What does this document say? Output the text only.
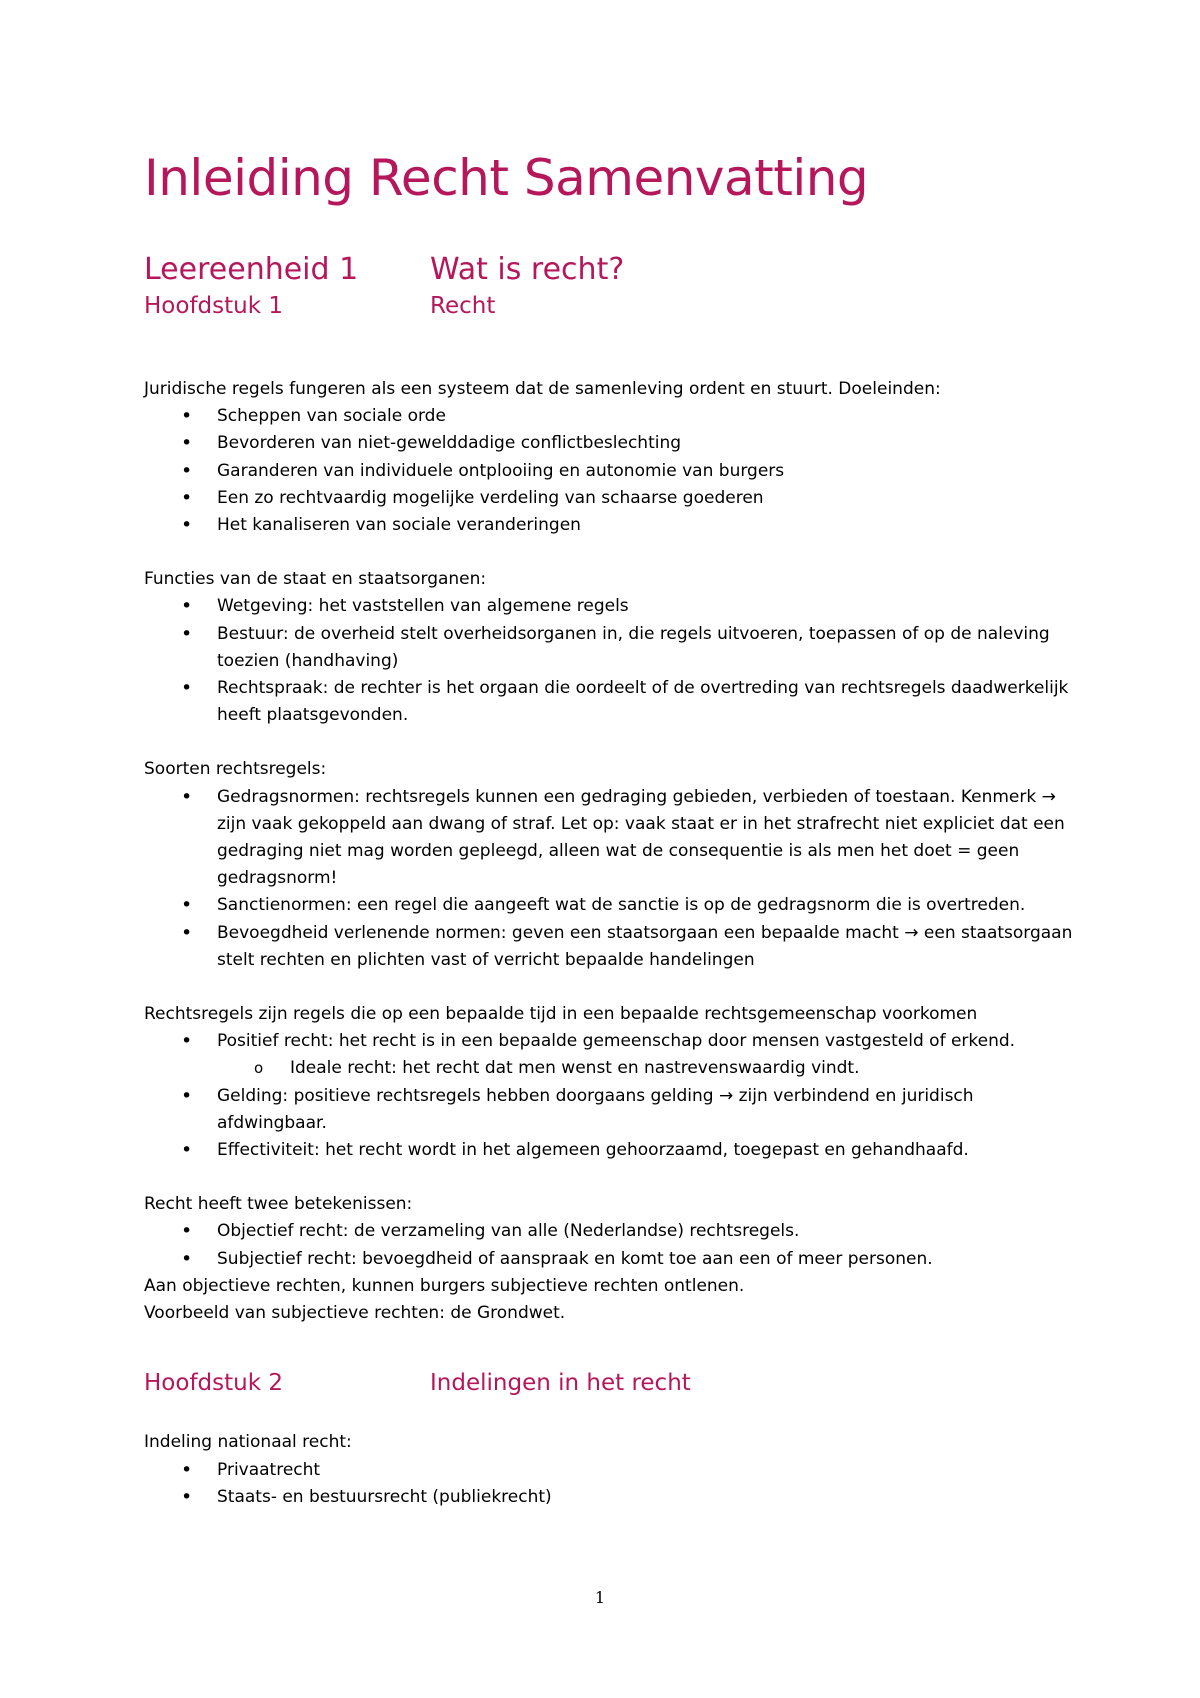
Inleiding Recht Samenvatting
Leereenheid 1	Wat is recht?
Hoofdstuk 1	Recht

Juridische regels fungeren als een systeem dat de samenleving ordent en stuurt. Doeleinden:

• Scheppen van sociale orde
• Bevorderen van niet-gewelddadige conflictbeslechting
• Garanderen van individuele ontplooiing en autonomie van burgers
• Een zo rechtvaardig mogelijke verdeling van schaarse goederen
• Het kanaliseren van sociale veranderingen

Functies van de staat en staatsorganen:

• Wetgeving: het vaststellen van algemene regels
• Bestuur: de overheid stelt overheidsorganen in, die regels uitvoeren, toepassen of op de naleving toezien (handhaving)
• Rechtspraak: de rechter is het orgaan die oordeelt of de overtreding van rechtsregels daadwerkelijk heeft plaatsgevonden.

Soorten rechtsregels:

• Gedragsnormen: rechtsregels kunnen een gedraging gebieden, verbieden of toestaan. Kenmerk → zijn vaak gekoppeld aan dwang of straf. Let op: vaak staat er in het strafrecht niet expliciet dat een gedraging niet mag worden gepleegd, alleen wat de consequentie is als men het doet = geen gedragsnorm!
• Sanctienormen: een regel die aangeeft wat de sanctie is op de gedragsnorm die is overtreden.
• Bevoegdheid verlenende normen: geven een staatsorgaan een bepaalde macht → een staatsorgaan stelt rechten en plichten vast of verricht bepaalde handelingen

Rechtsregels zijn regels die op een bepaalde tijd in een bepaalde rechtsgemeenschap voorkomen

• Positief recht: het recht is in een bepaalde gemeenschap door mensen vastgesteld of erkend.
o Ideale recht: het recht dat men wenst en nastrevenswaardig vindt.
• Gelding: positieve rechtsregels hebben doorgaans gelding → zijn verbindend en juridisch afdwingbaar.
• Effectiviteit: het recht wordt in het algemeen gehoorzaamd, toegepast en gehandhaafd.

Recht heeft twee betekenissen:

• Objectief recht: de verzameling van alle (Nederlandse) rechtsregels.
• Subjectief recht: bevoegdheid of aanspraak en komt toe aan een of meer personen.

Aan objectieve rechten, kunnen burgers subjectieve rechten ontlenen.

Voorbeeld van subjectieve rechten: de Grondwet.

Hoofdstuk 2	Indelingen in het recht

Indeling nationaal recht:

• Privaatrecht
• Staats- en bestuursrecht (publiekrecht)
1
